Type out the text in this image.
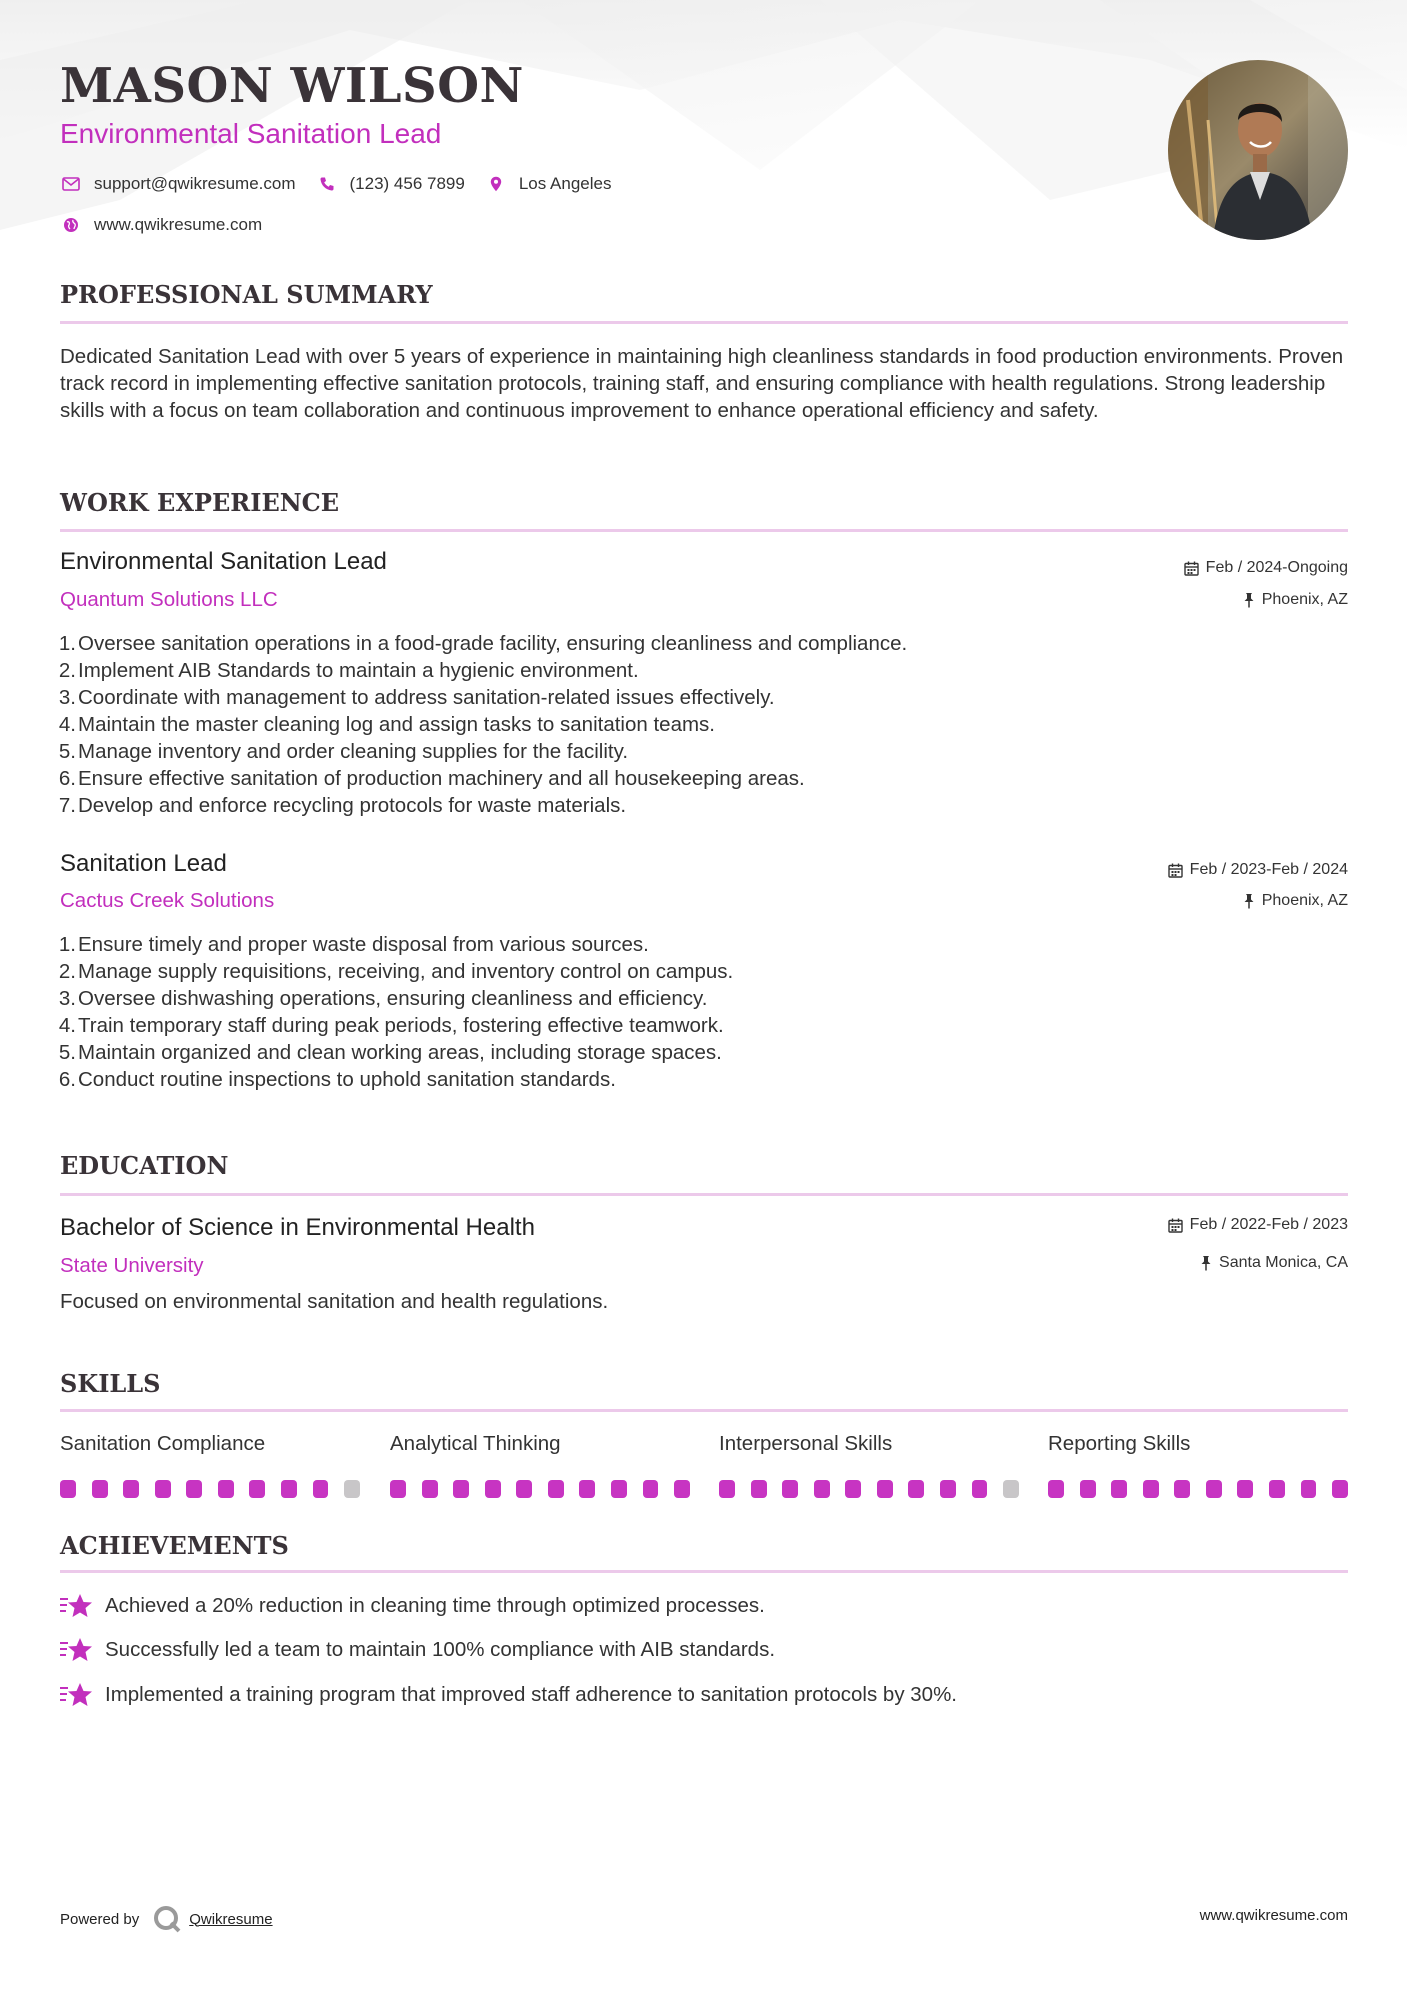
MASON WILSON
Environmental Sanitation Lead
support@qwikresume.com	(123) 456 7899	Los Angeles
www.qwikresume.com
PROFESSIONAL SUMMARY

Dedicated Sanitation Lead with over 5 years of experience in maintaining high cleanliness standards in food production environments. Proven track record in implementing effective sanitation protocols, training staff, and ensuring compliance with health regulations. Strong leadership skills with a focus on team collaboration and continuous improvement to enhance operational efficiency and safety.

WORK EXPERIENCE
Environmental Sanitation Lead
Quantum Solutions LLC
Feb / 2024-Ongoing
Phoenix, AZ
1. Oversee sanitation operations in a food-grade facility, ensuring cleanliness and compliance.
2. Implement AIB Standards to maintain a hygienic environment.
3. Coordinate with management to address sanitation-related issues effectively.
4. Maintain the master cleaning log and assign tasks to sanitation teams.
5. Manage inventory and order cleaning supplies for the facility.
6. Ensure effective sanitation of production machinery and all housekeeping areas.
7. Develop and enforce recycling protocols for waste materials.
Sanitation Lead
Cactus Creek Solutions
Feb / 2023-Feb / 2024
Phoenix, AZ
1. Ensure timely and proper waste disposal from various sources.
2. Manage supply requisitions, receiving, and inventory control on campus.
3. Oversee dishwashing operations, ensuring cleanliness and efficiency.
4. Train temporary staff during peak periods, fostering effective teamwork.
5. Maintain organized and clean working areas, including storage spaces.
6. Conduct routine inspections to uphold sanitation standards.
EDUCATION
Bachelor of Science in Environmental Health
State University
Feb / 2022-Feb / 2023
Santa Monica, CA
Focused on environmental sanitation and health regulations.
SKILLS
Sanitation Compliance	Analytical Thinking	Interpersonal Skills	Reporting Skills
ACHIEVEMENTS
Achieved a 20% reduction in cleaning time through optimized processes.
Successfully led a team to maintain 100% compliance with AIB standards.
Implemented a training program that improved staff adherence to sanitation protocols by 30%.
Powered by	Qwikresume	www.qwikresume.com
